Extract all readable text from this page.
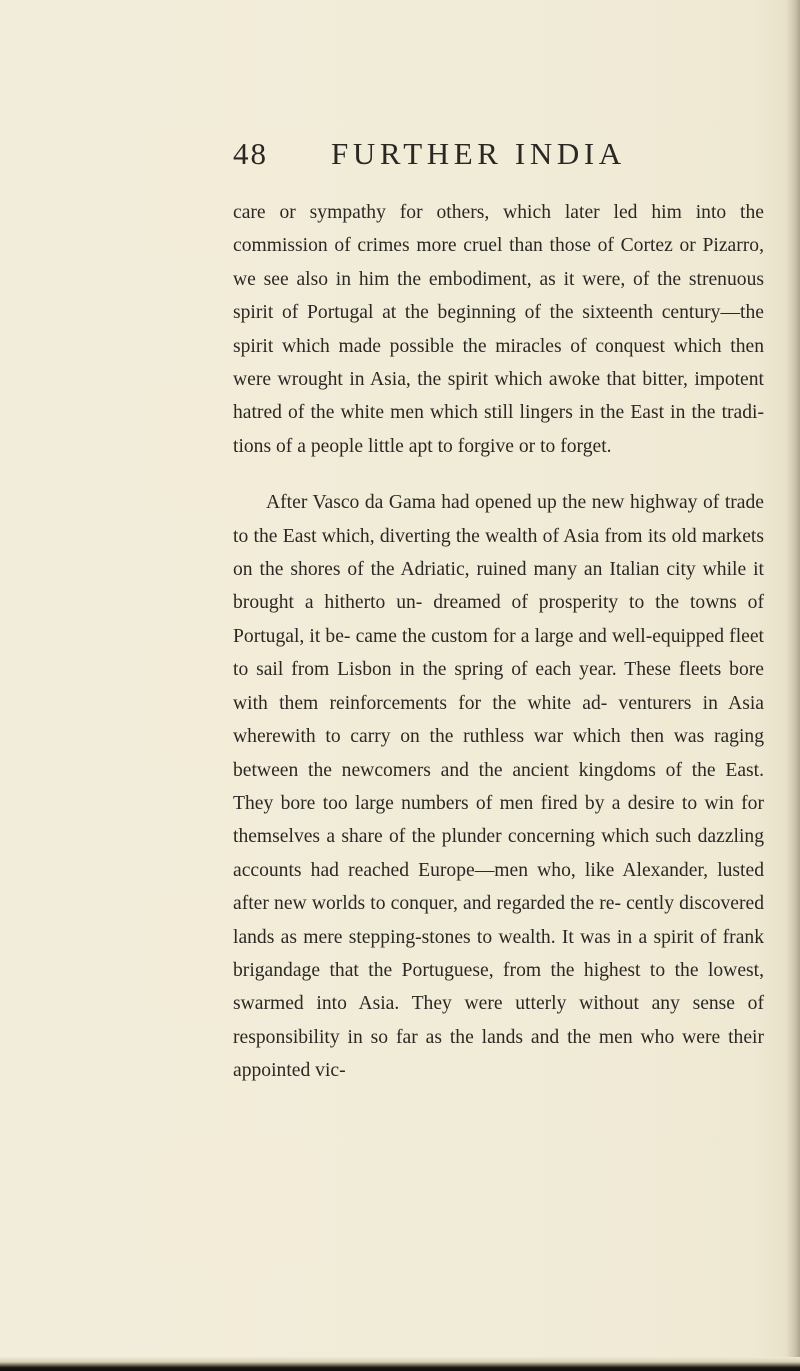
48 FURTHER INDIA

care or sympathy for others, which later led him into the commission of crimes more cruel than those of Cortez or Pizarro, we see also in him the embodiment, as it were, of the strenuous spirit of Portugal at the beginning of the sixteenth century—the spirit which made possible the miracles of conquest which then were wrought in Asia, the spirit which awoke that bitter, impotent hatred of the white men which still lingers in the East in the tradi- tions of a people little apt to forgive or to forget.

After Vasco da Gama had opened up the new highway of trade to the East which, diverting the wealth of Asia from its old markets on the shores of the Adriatic, ruined many an Italian city while it brought a hitherto un- dreamed of prosperity to the towns of Portugal, it be- came the custom for a large and well-equipped fleet to sail from Lisbon in the spring of each year. These fleets bore with them reinforcements for the white ad- venturers in Asia wherewith to carry on the ruthless war which then was raging between the newcomers and the ancient kingdoms of the East. They bore too large numbers of men fired by a desire to win for themselves a share of the plunder concerning which such dazzling accounts had reached Europe—men who, like Alexander, lusted after new worlds to conquer, and regarded the re- cently discovered lands as mere stepping-stones to wealth. It was in a spirit of frank brigandage that the Portuguese, from the highest to the lowest, swarmed into Asia. They were utterly without any sense of responsibility in so far as the lands and the men who were their appointed vic-
